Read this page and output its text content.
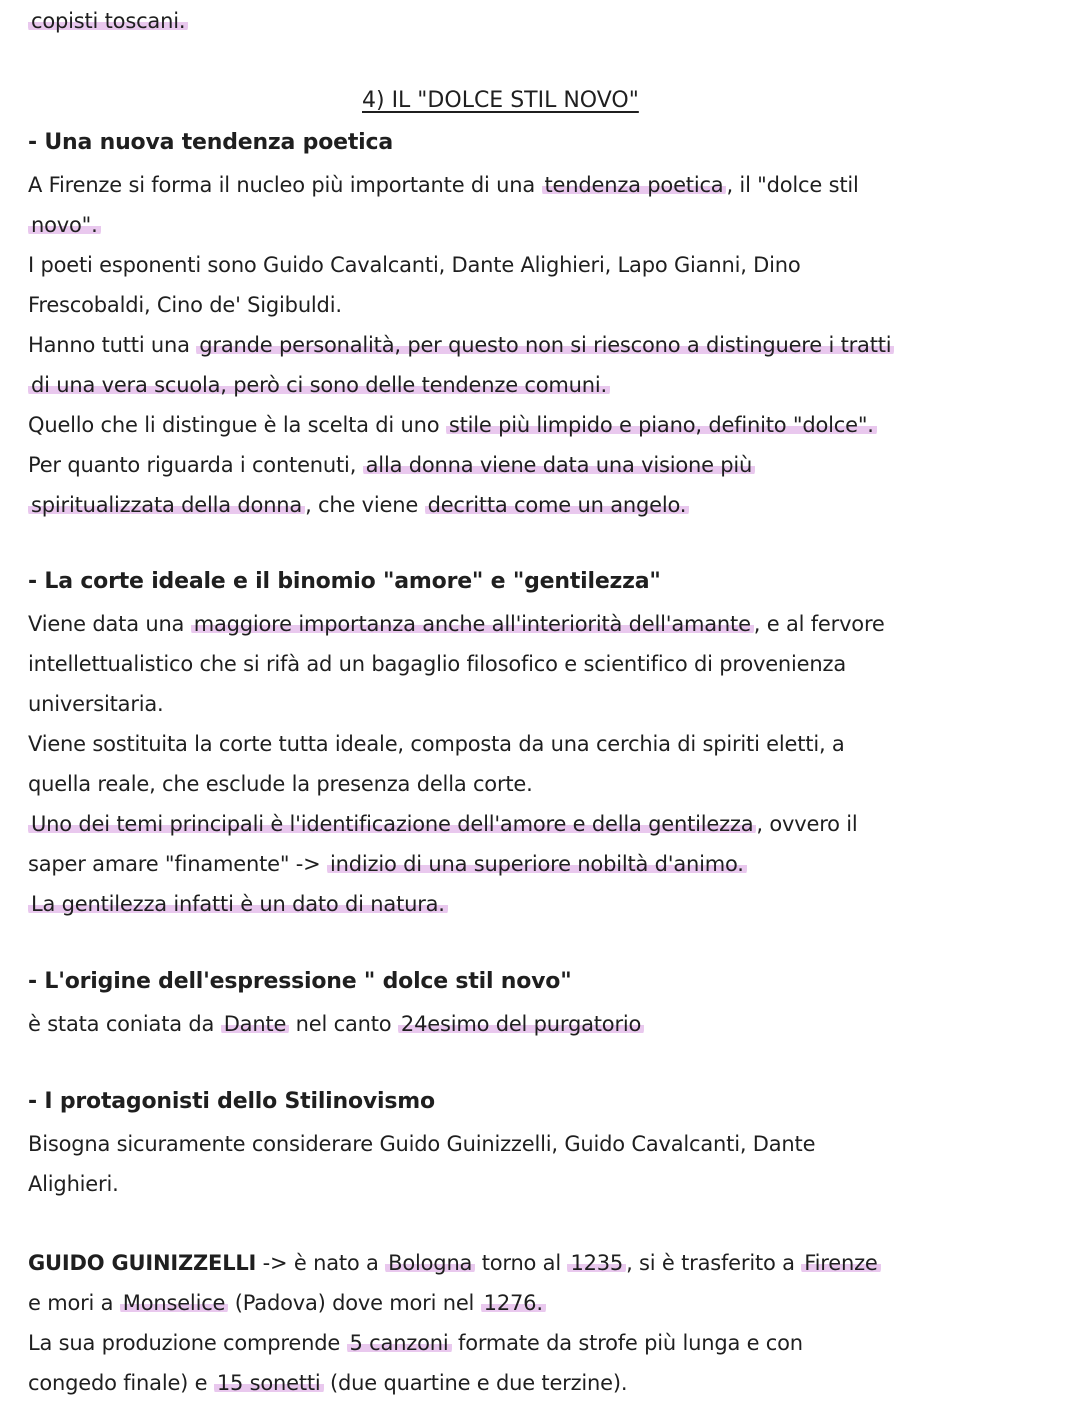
copisti toscani.
4) IL "DOLCE STIL NOVO"
- Una nuova tendenza poetica
A Firenze si forma il nucleo più importante di una tendenza poetica , il "dolce stil
novo".
I poeti esponenti sono Guido Cavalcanti, Dante Alighieri, Lapo Gianni, Dino
Frescobaldi, Cino de' Sigibuldi.
Hanno tutti una grande personalità, per questo non si riescono a distinguere i tratti
di una vera scuola, però ci sono delle tendenze comuni.
Quello che li distingue è la scelta di uno stile più limpido e piano, definito "dolce".
Per quanto riguarda i contenuti, alla donna viene data una visione più
spiritualizzata della donna , che viene decritta come un angelo.
- La corte ideale e il binomio "amore" e "gentilezza"
Viene data una maggiore importanza anche all'interiorità dell'amante , e al fervore
intellettualistico che si rifà ad un bagaglio filosofico e scientifico di provenienza
universitaria.
Viene sostituita la corte tutta ideale, composta da una cerchia di spiriti eletti, a
quella reale, che esclude la presenza della corte.
Uno dei temi principali è l'identificazione dell'amore e della gentilezza , ovvero il
saper amare "finamente" -> indizio di una superiore nobiltà d'animo.
La gentilezza infatti è un dato di natura.
- L'origine dell'espressione " dolce stil novo"
è stata coniata da Dante nel canto 24esimo del purgatorio
- I protagonisti dello Stilinovismo
Bisogna sicuramente considerare Guido Guinizzelli, Guido Cavalcanti, Dante
Alighieri.
GUIDO GUINIZZELLI -> è nato a Bologna torno al 1235 , si è trasferito a Firenze
e mori a Monselice (Padova) dove mori nel 1276.
La sua produzione comprende 5 canzoni formate da strofe più lunga e con
congedo finale) e 15 sonetti (due quartine e due terzine).
